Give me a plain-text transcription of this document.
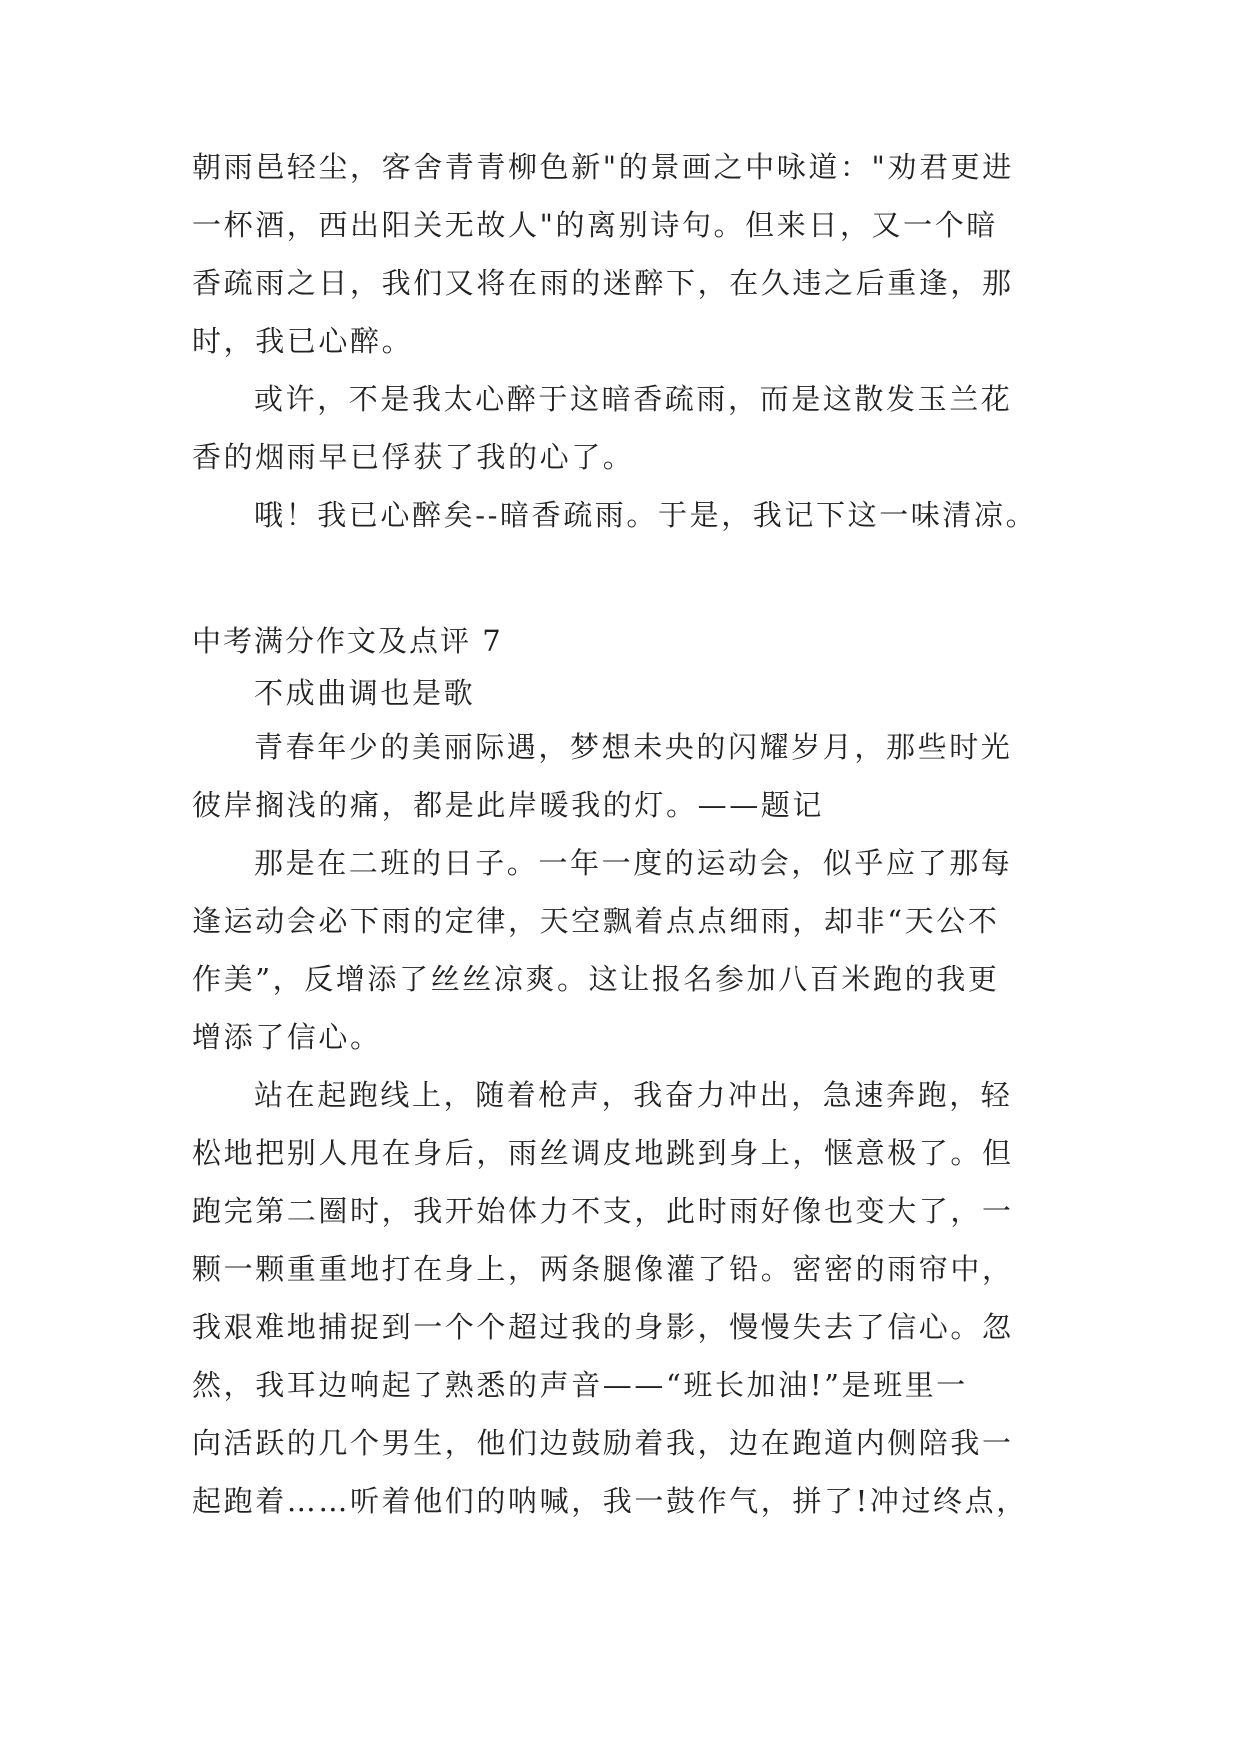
朝雨邑轻尘，客舍青青柳色新"的景画之中咏道："劝君更进
一杯酒，西出阳关无故人"的离别诗句。但来日，又一个暗
香疏雨之日，我们又将在雨的迷醉下，在久违之后重逢，那
时，我已心醉。
或许，不是我太心醉于这暗香疏雨，而是这散发玉兰花
香的烟雨早已俘获了我的心了。
哦！我已心醉矣--暗香疏雨。于是，我记下这一味清凉。
中考满分作文及点评 7
不成曲调也是歌
青春年少的美丽际遇，梦想未央的闪耀岁月，那些时光
彼岸搁浅的痛，都是此岸暖我的灯。——题记
那是在二班的日子。一年一度的运动会，似乎应了那每
逢运动会必下雨的定律，天空飘着点点细雨，却非“天公不
作美”，反增添了丝丝凉爽。这让报名参加八百米跑的我更
增添了信心。
站在起跑线上，随着枪声，我奋力冲出，急速奔跑，轻
松地把别人甩在身后，雨丝调皮地跳到身上，惬意极了。但
跑完第二圈时，我开始体力不支，此时雨好像也变大了，一
颗一颗重重地打在身上，两条腿像灌了铅。密密的雨帘中，
我艰难地捕捉到一个个超过我的身影，慢慢失去了信心。忽
然，我耳边响起了熟悉的声音——“班长加油!”是班里一
向活跃的几个男生，他们边鼓励着我，边在跑道内侧陪我一
起跑着……听着他们的呐喊，我一鼓作气，拼了!冲过终点，
